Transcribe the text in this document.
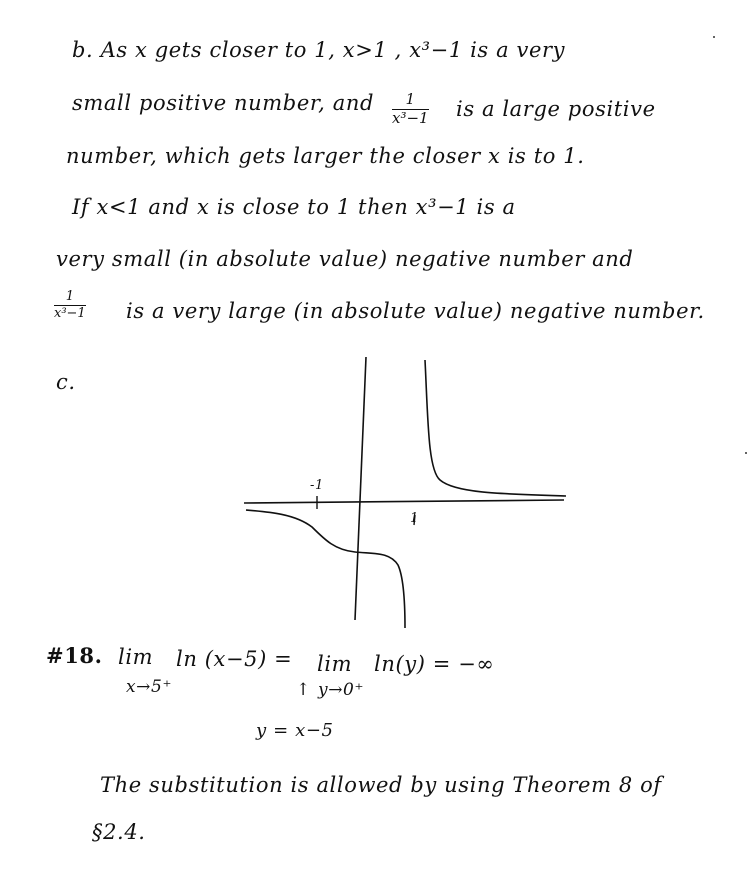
b. As x gets closer to 1, x>1 , x³−1 is a very
small positive number, and 1
x³−1 is a large positive
number, which gets larger the closer x is to 1.
If x<1 and x is close to 1 then x³−1 is a
very small (in absolute value) negative number and
1
x³−1 is a very large (in absolute value) negative number.
c.
-1
1
#18. lim ln (x−5) = lim ln(y) = −∞
x→5⁺	↑ y→0⁺
y = x−5
The substitution is allowed by using Theorem 8 of
§2.4.
